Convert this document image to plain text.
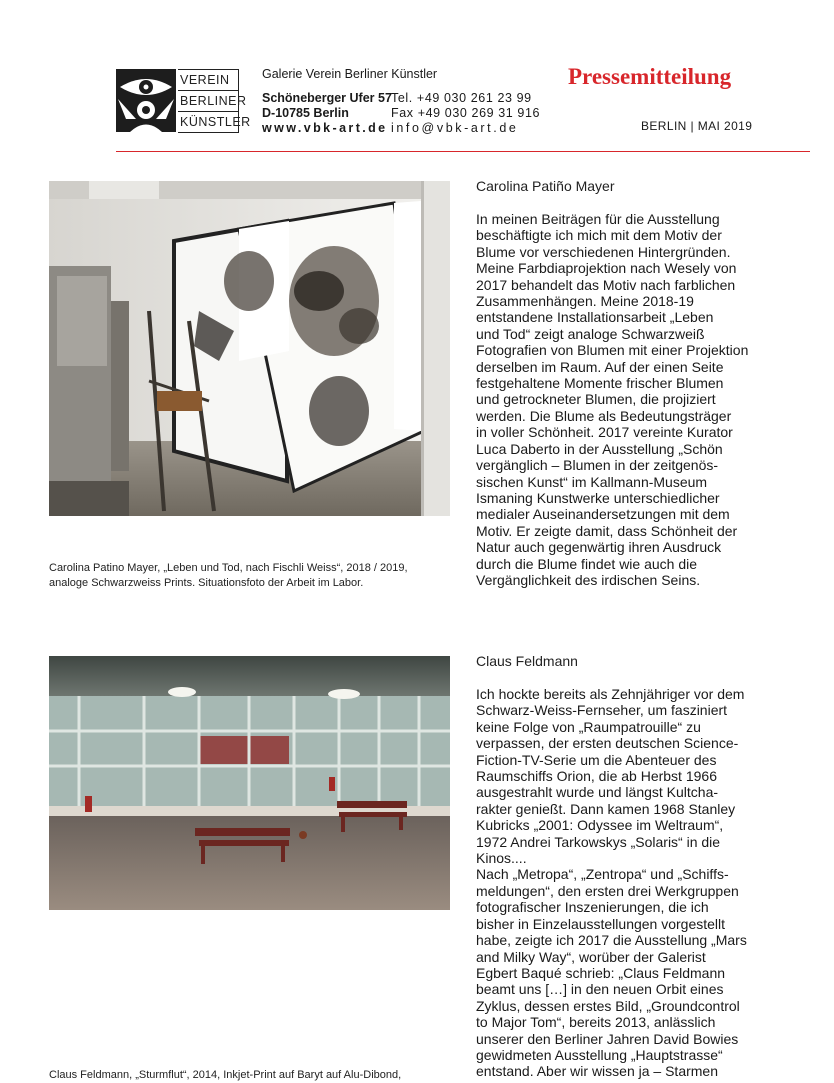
VEREIN
BERLINER
KÜNSTLER
Galerie Verein Berliner Künstler
Schöneberger Ufer 57
D-10785 Berlin
www.vbk-art.de
Tel. +49 030 261 23 99
Fax +49 030 269 31 916
info@vbk-art.de
Pressemitteilung
BERLIN | MAI 2019
Carolina Patino Mayer, „Leben und Tod, nach Fischli Weiss“, 2018 / 2019, analoge Schwarzweiss Prints. Situationsfoto der Arbeit im Labor.
Carolina Patiño Mayer
In meinen Beiträgen für die Ausstellung
beschäftigte ich mich mit dem Motiv der
Blume vor verschiedenen Hintergründen.
Meine Farbdiaprojektion nach Wesely von
2017 behandelt das Motiv nach farblichen
Zusammenhängen. Meine 2018-19
entstandene Installationsarbeit „Leben
und Tod“ zeigt analoge Schwarzweiß
Fotografien von Blumen mit einer Projektion
derselben im Raum. Auf der einen Seite
festgehaltene Momente frischer Blumen
und getrockneter Blumen, die projiziert
werden. Die Blume als Bedeutungsträger
in voller Schönheit. 2017 vereinte Kurator
Luca Daberto in der Ausstellung „Schön
vergänglich – Blumen in der zeitgenös-
sischen Kunst“ im Kallmann-Museum
Ismaning Kunstwerke unterschiedlicher
medialer Auseinandersetzungen mit dem
Motiv. Er zeigte damit, dass Schönheit der
Natur auch gegenwärtig ihren Ausdruck
durch die Blume findet wie auch die
Vergänglichkeit des irdischen Seins.
Claus Feldmann, „Sturmflut“, 2014, Inkjet-Print auf Baryt auf Alu-Dibond,
Claus Feldmann
Ich hockte bereits als Zehnjähriger vor dem
Schwarz-Weiss-Fernseher, um fasziniert
keine Folge von „Raumpatrouille“ zu
verpassen, der ersten deutschen Science-
Fiction-TV-Serie um die Abenteuer des
Raumschiffs Orion, die ab Herbst 1966
ausgestrahlt wurde und längst Kultcha-
rakter genießt. Dann kamen 1968 Stanley
Kubricks „2001: Odyssee im Weltraum“,
1972 Andrei Tarkowskys „Solaris“ in die
Kinos....
Nach „Metropa“, „Zentropa“ und „Schiffs-
meldungen“, den ersten drei Werkgruppen
fotografischer Inszenierungen, die ich
bisher in Einzelausstellungen vorgestellt
habe, zeigte ich 2017 die Ausstellung „Mars
and Milky Way“, worüber der Galerist
Egbert Baqué schrieb: „Claus Feldmann
beamt uns […] in den neuen Orbit eines
Zyklus, dessen erstes Bild, „Groundcontrol
to Major Tom“, bereits 2013, anlässlich
unserer den Berliner Jahren David Bowies
gewidmeten Ausstellung „Hauptstrasse“
entstand. Aber wir wissen ja – Starmen
